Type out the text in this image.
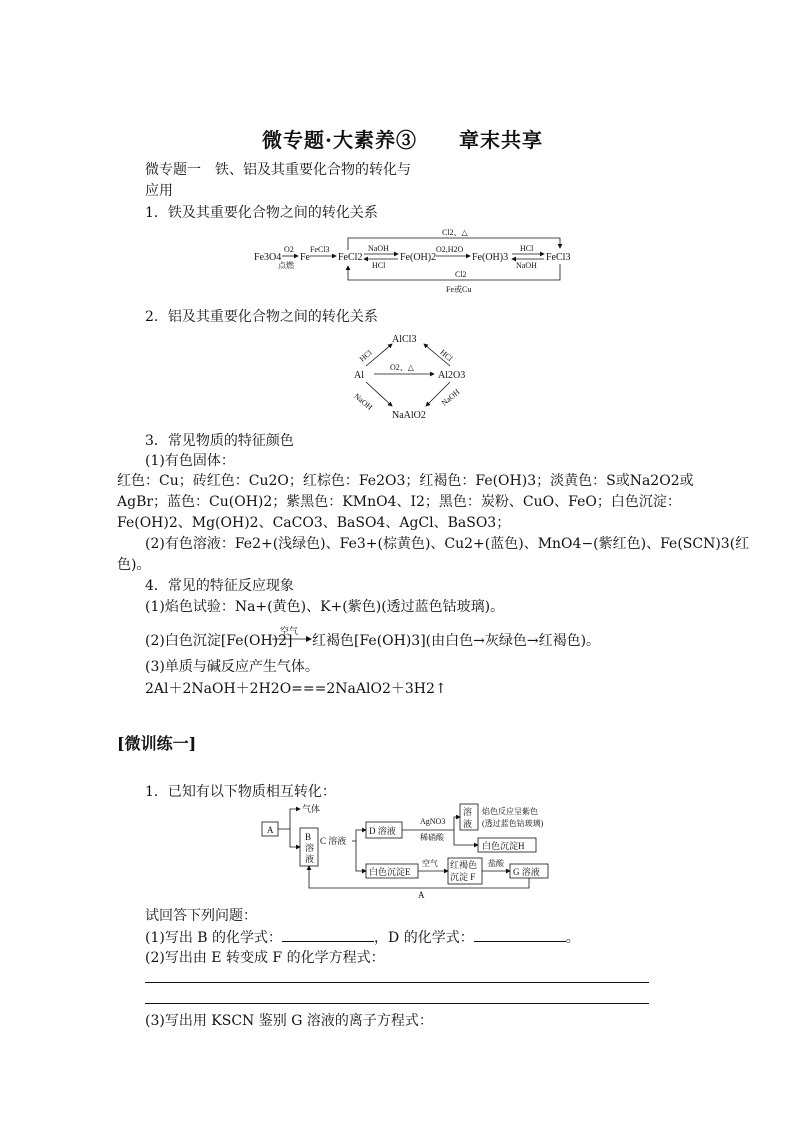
微专题·大素养③　　章末共享
微专题一　铁、铝及其重要化合物的转化与
应用
1．铁及其重要化合物之间的转化关系
Fe3O4
O2
点燃
Fe
FeCl3
FeCl2
NaOH
HCl
Fe(OH)2
O2,H2O
Fe(OH)3
HCl
NaOH
FeCl3
Cl2、△
Cl2
Fe或Cu
2．铝及其重要化合物之间的转化关系
AlCl3
Al	Al2O3
NaAlO2
O2、△
HCl	HCl
NaOH	NaOH
3．常见物质的特征颜色
(1)有色固体：
红色：Cu；砖红色：Cu2O；红棕色：Fe2O3；红褐色：Fe(OH)3；淡黄色：S或Na2O2或
AgBr；蓝色：Cu(OH)2；紫黑色：KMnO4、I2；黑色：炭粉、CuO、FeO；白色沉淀：
Fe(OH)2、Mg(OH)2、CaCO3、BaSO4、AgCl、BaSO3；
(2)有色溶液：Fe2+(浅绿色)、Fe3+(棕黄色)、Cu2+(蓝色)、MnO4−(紫红色)、Fe(SCN)3(红
色)。
4．常见的特征反应现象
(1)焰色试验：Na+(黄色)、K+(紫色)(透过蓝色钴玻璃)。
(2)白色沉淀[Fe(OH)2]
空气
红褐色[Fe(OH)3](由白色→灰绿色→红褐色)。
(3)单质与碱反应产生气体。
2Al＋2NaOH＋2H2O===2NaAlO2＋3H2↑
[微训练一]
1．已知有以下物质相互转化：
A
气体
B
溶
液
C 溶液
D 溶液
AgNO3
稀硝酸
溶
液
焰色反应呈紫色
(透过蓝色钴玻璃)
白色沉淀H
白色沉淀E
空气 红褐色
沉淀 F
盐酸
G 溶液
A
试回答下列问题：
(1)写出 B 的化学式：	，D 的化学式：	。
(2)写出由 E 转变成 F 的化学方程式：
(3)写出用 KSCN 鉴别 G 溶液的离子方程式：
